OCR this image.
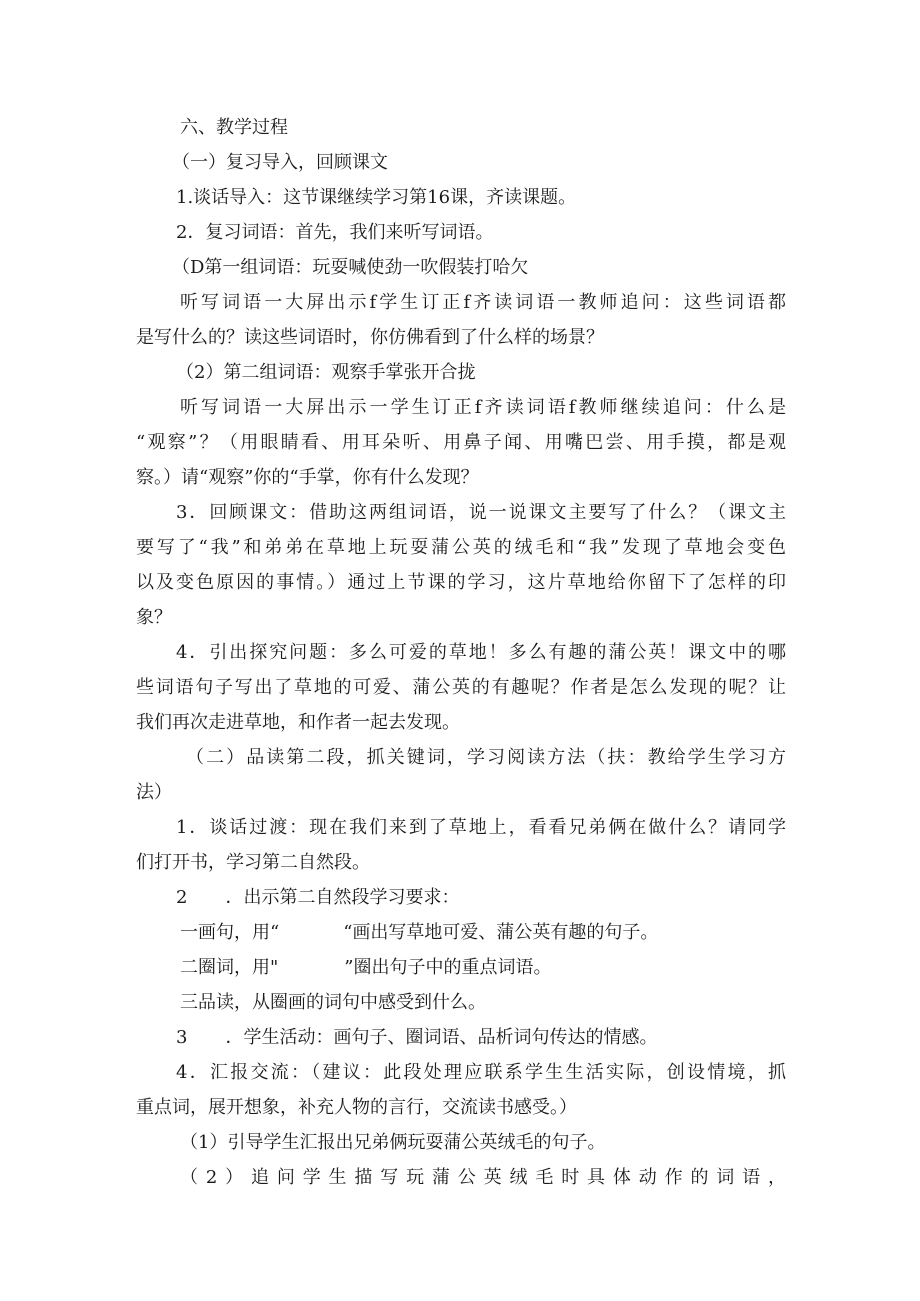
六、教学过程

（一）复习导入，回顾课文

1.谈话导入：这节课继续学习第16课，齐读课题。

2．复习词语：首先，我们来听写词语。

（D第一组词语：玩耍喊使劲一吹假装打哈欠

听写词语一大屏出示f学生订正f齐读词语一教师追问：这些词语都

是写什么的？读这些词语时，你仿佛看到了什么样的场景？

（2）第二组词语：观察手掌张开合拢

听写词语一大屏出示一学生订正f齐读词语f教师继续追问：什么是

“观察”？（用眼睛看、用耳朵听、用鼻子闻、用嘴巴尝、用手摸，都是观

察。）请“观察”你的“手掌，你有什么发现？

3．回顾课文：借助这两组词语，说一说课文主要写了什么？（课文主

要写了“我”和弟弟在草地上玩耍蒲公英的绒毛和“我”发现了草地会变色

以及变色原因的事情。）通过上节课的学习，这片草地给你留下了怎样的印

象？

4．引出探究问题：多么可爱的草地！多么有趣的蒲公英！课文中的哪

些词语句子写出了草地的可爱、蒲公英的有趣呢？作者是怎么发现的呢？让

我们再次走进草地，和作者一起去发现。

（二）品读第二段，抓关键词，学习阅读方法（扶：教给学生学习方

法）

1．谈话过渡：现在我们来到了草地上，看看兄弟俩在做什么？请同学

们打开书，学习第二自然段。

2 ．出示第二自然段学习要求：

一画句，用“	“画出写草地可爱、蒲公英有趣的句子。

二圈词，用"	”圈出句子中的重点词语。

三品读，从圈画的词句中感受到什么。

3 ．学生活动：画句子、圈词语、品析词句传达的情感。

4．汇报交流：（建议：此段处理应联系学生生活实际，创设情境，抓

重点词，展开想象，补充人物的言行，交流读书感受。）

（1）引导学生汇报出兄弟俩玩耍蒲公英绒毛的句子。

（2）追问学生描写玩蒲公英绒毛时具体动作的词语，
